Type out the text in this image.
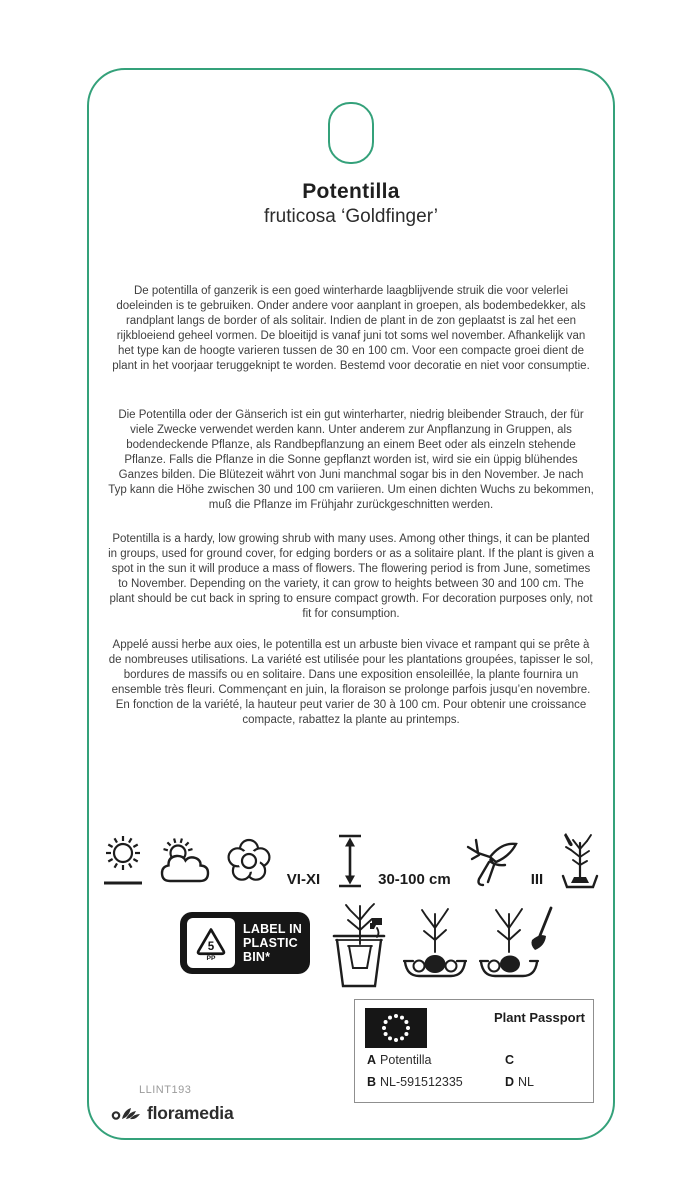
Potentilla
fruticosa ‘Goldfinger’

De potentilla of ganzerik is een goed winterharde laagblijvende struik die voor velerlei doeleinden is te gebruiken. Onder andere voor aanplant in groepen, als bodembedekker, als randplant langs de border of als solitair. Indien de plant in de zon geplaatst is zal het een rijkbloeiend geheel vormen. De bloeitijd is vanaf juni tot soms wel november. Afhankelijk van het type kan de hoogte varieren tussen de 30 en 100 cm. Voor een compacte groei dient de plant in het voorjaar teruggeknipt te worden. Bestemd voor decoratie en niet voor consumptie.

Die Potentilla oder der Gänserich ist ein gut winterharter, niedrig bleibender Strauch, der für viele Zwecke verwendet werden kann. Unter anderem zur Anpflanzung in Gruppen, als bodendeckende Pflanze, als Randbepflanzung an einem Beet oder als einzeln stehende Pflanze. Falls die Pflanze in die Sonne gepflanzt worden ist, wird sie ein üppig blühendes Ganzes bilden. Die Blütezeit währt von Juni manchmal sogar bis in den November. Je nach Typ kann die Höhe zwischen 30 und 100 cm variieren. Um einen dichten Wuchs zu bekommen, muß die Pflanze im Frühjahr zurückgeschnitten werden.

Potentilla is a hardy, low growing shrub with many uses. Among other things, it can be planted in groups, used for ground cover, for edging borders or as a solitaire plant. If the plant is given a spot in the sun it will produce a mass of flowers. The flowering period is from June, sometimes to November. Depending on the variety, it can grow to heights between 30 and 100 cm. The plant should be cut back in spring to ensure compact growth. For decoration purposes only, not fit for consumption.

Appelé aussi herbe aux oies, le potentilla est un arbuste bien vivace et rampant qui se prête à de nombreuses utilisations. La variété est utilisée pour les plantations groupées, tapisser le sol, bordures de massifs ou en solitaire. Dans une exposition ensoleillée, la plante fournira un ensemble très fleuri. Commençant en juin, la floraison se prolonge parfois jusqu’en novembre. En fonction de la variété, la hauteur peut varier de 30 à 100 cm. Pour obtenir une croissance compacte, rabattez la plante au printemps.

VI-XI	30-100 cm	III
5
PP
LABEL IN
PLASTIC
BIN*
Plant Passport
A Potentilla
B NL-591512335
C
D NL
LLINT193
floramedia
